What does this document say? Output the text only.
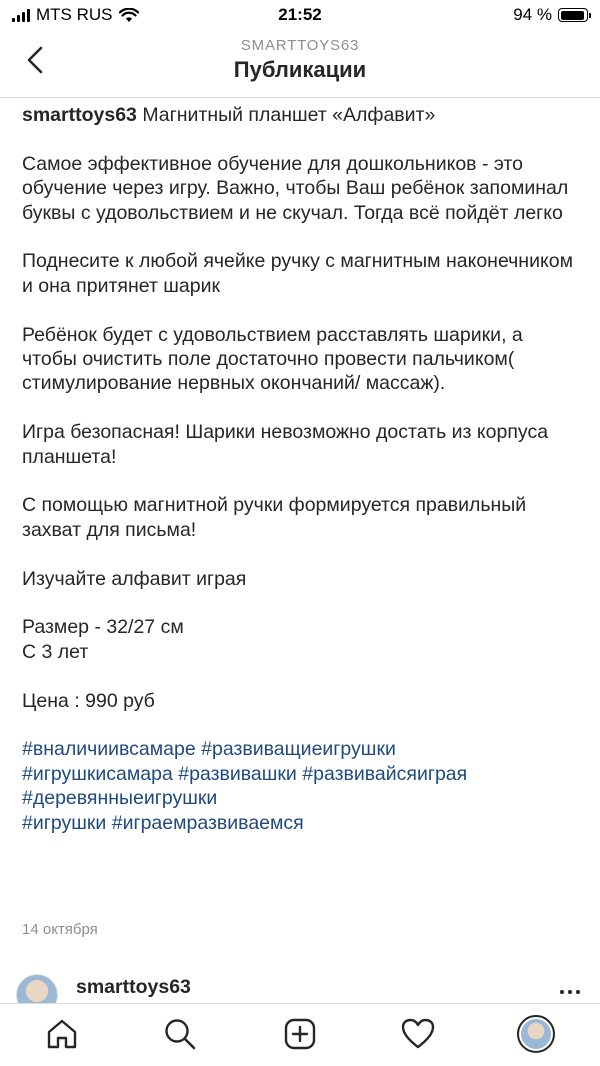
MTS RUS	21:52	94 %
SMARTTOYS63
Публикации
smarttoys63 Магнитный планшет «Алфавит»
Самое эффективное обучение для дошкольников - это обучение через игру. Важно, чтобы Ваш ребёнок запоминал буквы с удовольствием и не скучал. Тогда всё пойдёт легко
Поднесите к любой ячейке ручку с магнитным наконечником и она притянет шарик
Ребёнок будет с удовольствием расставлять шарики, а чтобы очистить поле достаточно провести пальчиком( стимулирование нервных окончаний/ массаж).
Игра безопасная! Шарики невозможно достать из корпуса планшета!
С помощью магнитной ручки формируется правильный захват для письма!
Изучайте алфавит играя
Размер - 32/27 см
С 3 лет
Цена : 990 руб
#вналичиивсамаре #развиващиеигрушки
#игрушкисамара #развивашки #развивайсяиграя
#деревянныеигрушки
#игрушки #играемразвиваемся
14 октября
smarttoys63
